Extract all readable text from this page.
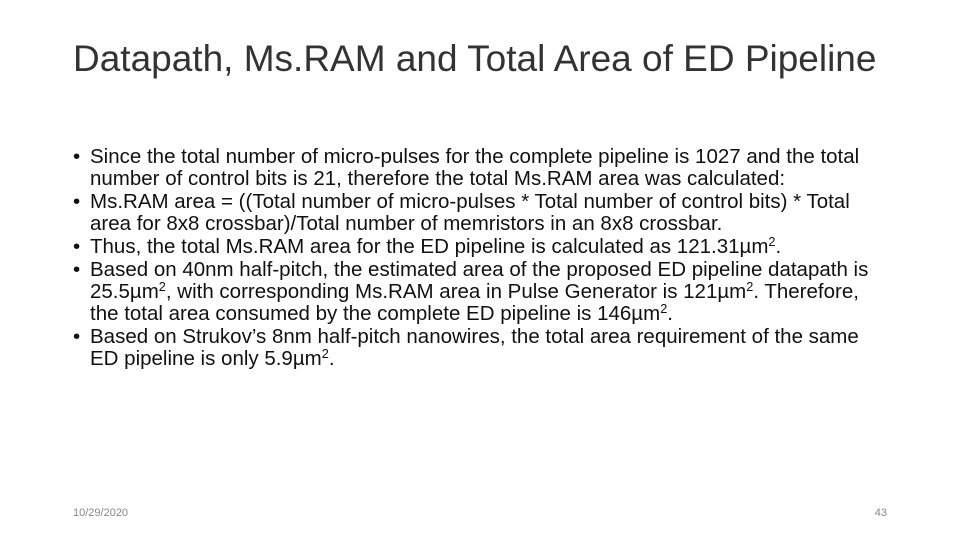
Datapath, Ms.RAM and Total Area of ED Pipeline
• Since the total number of micro-pulses for the complete pipeline is 1027 and the total number of control bits is 21, therefore the total Ms.RAM area was calculated:
• Ms.RAM area = ((Total number of micro-pulses * Total number of control bits) * Total area for 8x8 crossbar)/Total number of memristors in an 8x8 crossbar.
• Thus, the total Ms.RAM area for the ED pipeline is calculated as 121.31µm$^2$.
• Based on 40nm half-pitch, the estimated area of the proposed ED pipeline datapath is 25.5µm$^2$, with corresponding Ms.RAM area in Pulse Generator is 121µm$^2$. Therefore, the total area consumed by the complete ED pipeline is 146µm$^2$.
• Based on Strukov’s 8nm half-pitch nanowires, the total area requirement of the same ED pipeline is only 5.9µm$^2$.
10/29/2020	43
